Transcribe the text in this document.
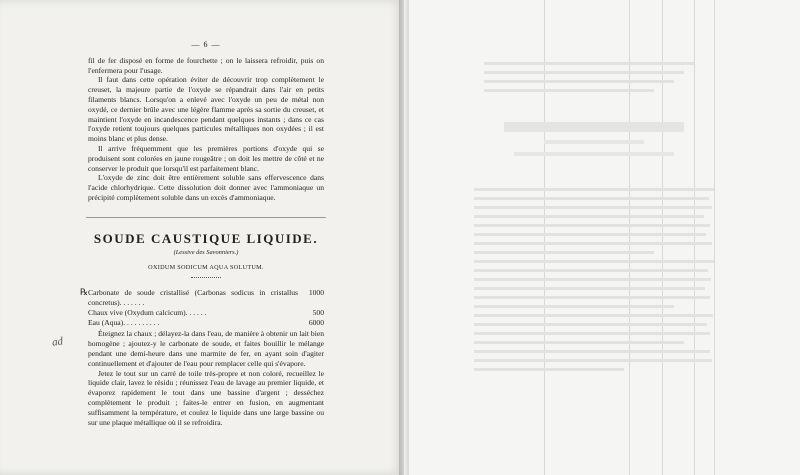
ad
— 6 —

fil de fer disposé en forme de fourchette ; on le laissera refroidir, puis on l'enfermera pour l'usage.

Il faut dans cette opération éviter de découvrir trop complètement le creuset, la majeure partie de l'oxyde se répandrait dans l'air en petits filaments blancs. Lorsqu'on a enlevé avec l'oxyde un peu de métal non oxydé, ce dernier brûle avec une légère flamme après sa sortie du creuset, et maintient l'oxyde en incandescence pendant quelques instants ; dans ce cas l'oxyde retient toujours quelques particules métalliques non oxydées ; il est moins blanc et plus dense.

Il arrive fréquemment que les premières portions d'oxyde qui se produisent sont colorées en jaune rougeâtre ; on doit les mettre de côté et ne conserver le produit que lorsqu'il est parfaitement blanc.

L'oxyde de zinc doit être entièrement soluble sans effervescence dans l'acide chlorhydrique. Cette dissolution doit donner avec l'ammoniaque un précipité complètement soluble dans un excès d'ammoniaque.

SOUDE CAUSTIQUE LIQUIDE.
(Lessive des Savonniers.)
OXIDUM SODICUM AQUA SOLUTUM.
℞ Carbonate de soude cristallisé (Carbonas sodicus in cristallus concretus). . . . . . .
1000
Chaux vive (Oxydum calcicum). . . . . .	500
Eau (Aqua). . . . . . . . . .	6000

Éteignez la chaux ; délayez-la dans l'eau, de manière à obtenir un lait bien homogène ; ajoutez-y le carbonate de soude, et faites bouillir le mélange pendant une demi-heure dans une marmite de fer, en ayant soin d'agiter continuellement et d'ajouter de l'eau pour remplacer celle qui s'évapore.

Jetez le tout sur un carré de toile très-propre et non coloré, recueillez le liquide clair, lavez le résidu ; réunissez l'eau de lavage au premier liquide, et évaporez rapidement le tout dans une bassine d'argent ; desséchez complètement le produit ; faites-le entrer en fusion, en augmentant suffisamment la température, et coulez le liquide dans une large bassine ou sur une plaque métallique où il se refroidira.
